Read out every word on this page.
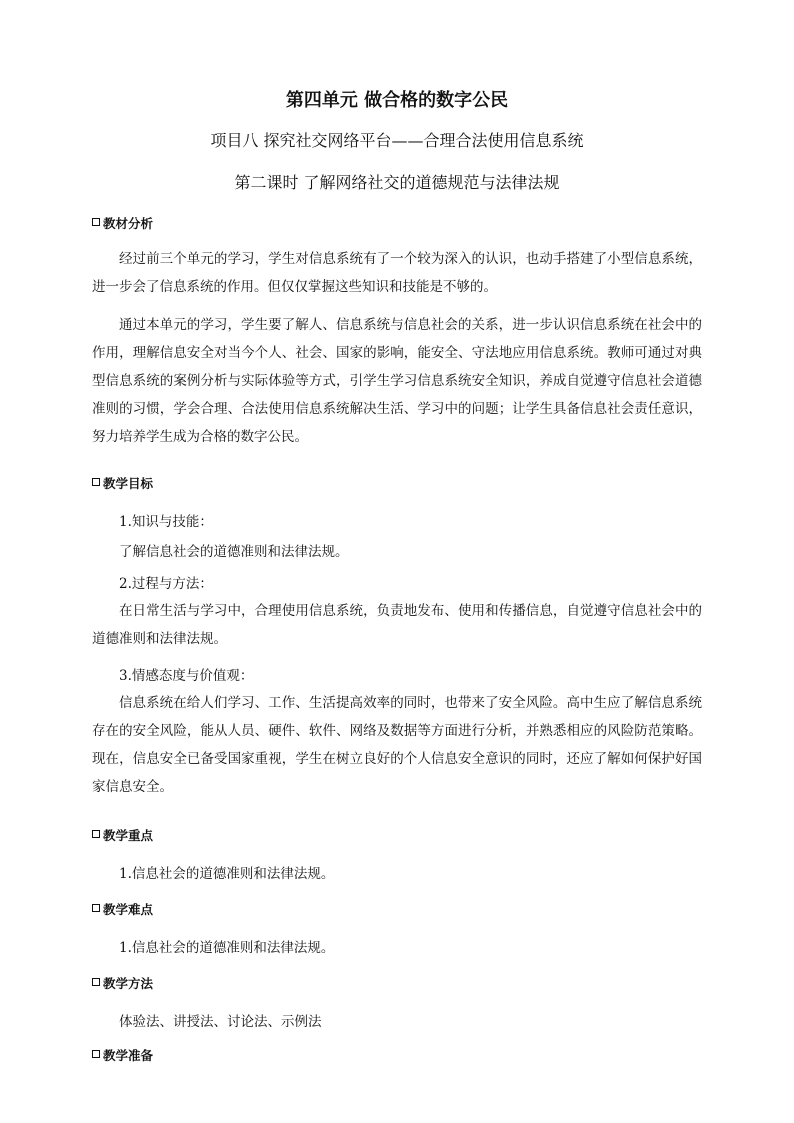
第四单元 做合格的数字公民
项目八 探究社交网络平台——合理合法使用信息系统
第二课时 了解网络社交的道德规范与法律法规
教材分析

经过前三个单元的学习，学生对信息系统有了一个较为深入的认识，也动手搭建了小型信息系统，进一步会了信息系统的作用。但仅仅掌握这些知识和技能是不够的。

通过本单元的学习，学生要了解人、信息系统与信息社会的关系，进一步认识信息系统在社会中的作用，理解信息安全对当今个人、社会、国家的影响，能安全、守法地应用信息系统。教师可通过对典型信息系统的案例分析与实际体验等方式，引学生学习信息系统安全知识，养成自觉遵守信息社会道德准则的习惯，学会合理、合法使用信息系统解决生活、学习中的问题；让学生具备信息社会责任意识，努力培养学生成为合格的数字公民。

教学目标

1.知识与技能：

了解信息社会的道德准则和法律法规。

2.过程与方法：

在日常生活与学习中，合理使用信息系统，负责地发布、使用和传播信息，自觉遵守信息社会中的道德准则和法律法规。

3.情感态度与价值观：

信息系统在给人们学习、工作、生活提高效率的同时，也带来了安全风险。高中生应了解信息系统存在的安全风险，能从人员、硬件、软件、网络及数据等方面进行分析，并熟悉相应的风险防范策略。现在，信息安全已备受国家重视，学生在树立良好的个人信息安全意识的同时，还应了解如何保护好国家信息安全。

教学重点

1.信息社会的道德准则和法律法规。

教学难点

1.信息社会的道德准则和法律法规。

教学方法

体验法、讲授法、讨论法、示例法

教学准备
